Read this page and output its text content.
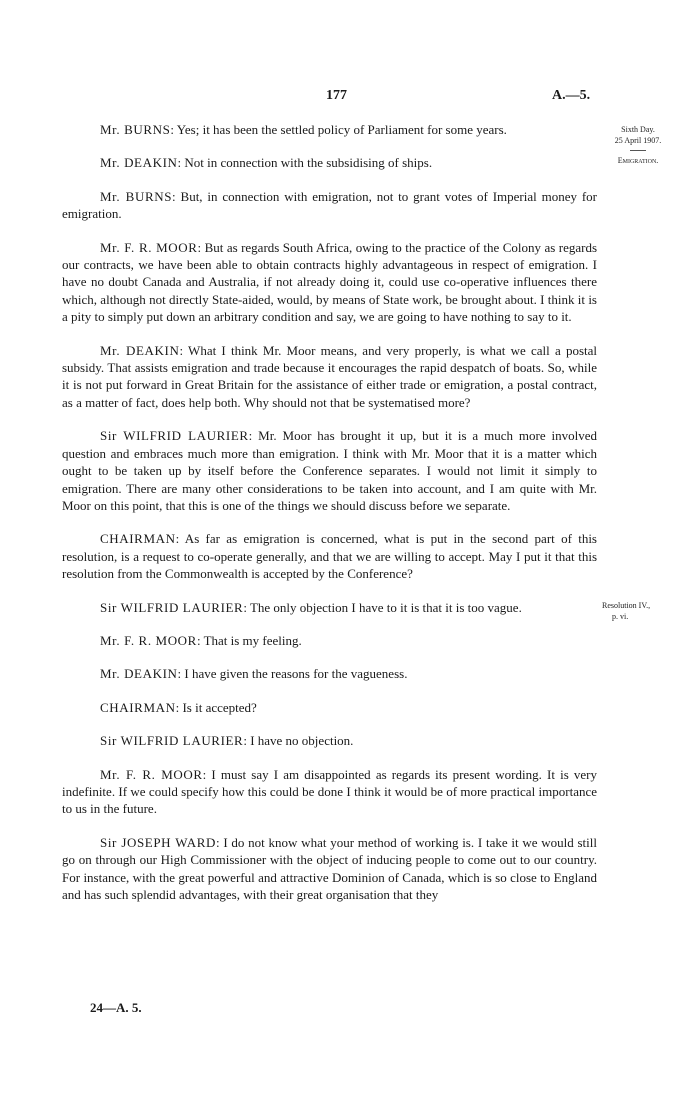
177	A.—5.
Sixth Day.
25 April 1907.
Emigration.
Resolution IV.,
p. vi.

Mr. BURNS: Yes; it has been the settled policy of Parliament for some years.

Mr. DEAKIN: Not in connection with the subsidising of ships.

Mr. BURNS: But, in connection with emigration, not to grant votes of Imperial money for emigration.

Mr. F. R. MOOR: But as regards South Africa, owing to the practice of the Colony as regards our contracts, we have been able to obtain contracts highly advantageous in respect of emigration. I have no doubt Canada and Australia, if not already doing it, could use co-operative influences there which, although not directly State-aided, would, by means of State work, be brought about. I think it is a pity to simply put down an arbitrary condition and say, we are going to have nothing to say to it.

Mr. DEAKIN: What I think Mr. Moor means, and very properly, is what we call a postal subsidy. That assists emigration and trade because it encourages the rapid despatch of boats. So, while it is not put forward in Great Britain for the assistance of either trade or emigration, a postal contract, as a matter of fact, does help both. Why should not that be systematised more?

Sir WILFRID LAURIER: Mr. Moor has brought it up, but it is a much more involved question and embraces much more than emigration. I think with Mr. Moor that it is a matter which ought to be taken up by itself before the Conference separates. I would not limit it simply to emigration. There are many other considerations to be taken into account, and I am quite with Mr. Moor on this point, that this is one of the things we should discuss before we separate.

CHAIRMAN: As far as emigration is concerned, what is put in the second part of this resolution, is a request to co-operate generally, and that we are willing to accept. May I put it that this resolution from the Commonwealth is accepted by the Conference?

Sir WILFRID LAURIER: The only objection I have to it is that it is too vague.

Mr. F. R. MOOR: That is my feeling.

Mr. DEAKIN: I have given the reasons for the vagueness.

CHAIRMAN: Is it accepted?

Sir WILFRID LAURIER: I have no objection.

Mr. F. R. MOOR: I must say I am disappointed as regards its present wording. It is very indefinite. If we could specify how this could be done I think it would be of more practical importance to us in the future.

Sir JOSEPH WARD: I do not know what your method of working is. I take it we would still go on through our High Commissioner with the object of inducing people to come out to our country. For instance, with the great powerful and attractive Dominion of Canada, which is so close to England and has such splendid advantages, with their great organisation that they

24—A. 5.
